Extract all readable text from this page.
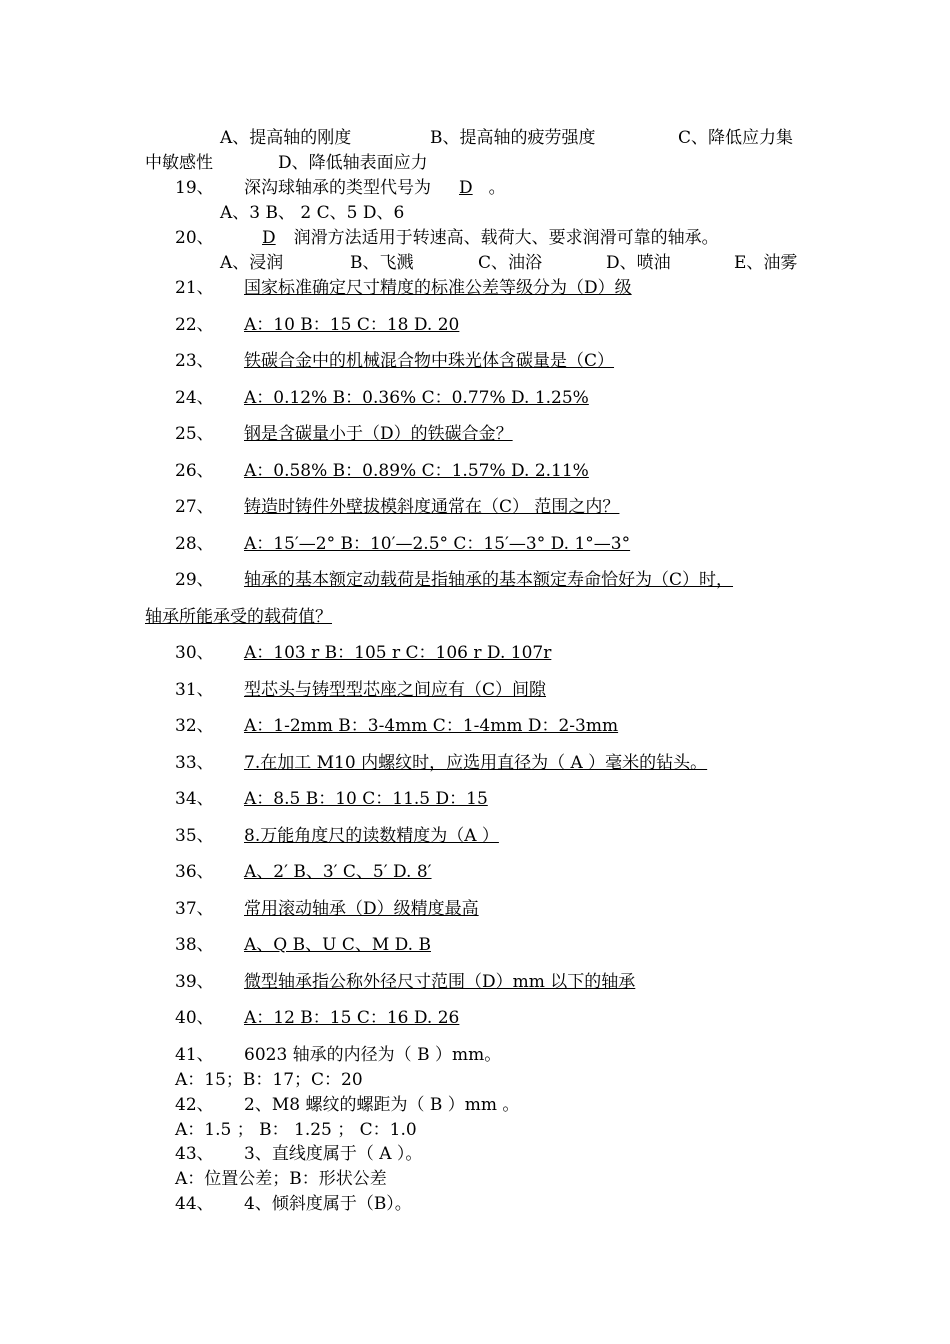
A、提高轴的刚度	B、提高轴的疲劳强度	C、降低应力集
中敏感性	D、降低轴表面应力
19、 深沟球轴承的类型代号为 D 。
A、3 B、 2 C、5 D、6
20、	D 润滑方法适用于转速高、载荷大、要求润滑可靠的轴承。
A、浸润	B、飞溅	C、油浴	D、喷油	E、油雾
21、 国家标准确定尺寸精度的标准公差等级分为（D）级
22、 A：10 B：15 C：18 D. 20
23、 铁碳合金中的机械混合物中珠光体含碳量是（C）
24、 A：0.12% B：0.36% C：0.77% D. 1.25%
25、 钢是含碳量小于（D）的铁碳合金？
26、 A：0.58% B：0.89% C：1.57% D. 2.11%
27、 铸造时铸件外壁拔模斜度通常在（C） 范围之内？
28、 A：15′—2° B：10′—2.5° C：15′—3° D. 1°—3°
29、 轴承的基本额定动载荷是指轴承的基本额定寿命恰好为（C）时，
轴承所能承受的载荷值？
30、 A：103 r B：105 r C：106 r D. 107r
31、 型芯头与铸型型芯座之间应有（C）间隙
32、 A：1-2mm B：3-4mm C：1-4mm D：2-3mm
33、 7.在加工 M10 内螺纹时，应选用直径为（ A ）毫米的钻头。
34、 A：8.5 B：10 C：11.5 D：15
35、 8.万能角度尺的读数精度为（A ）
36、 A、2′ B、3′ C、5′ D. 8′
37、 常用滚动轴承（D）级精度最高
38、 A、Q B、U C、M D. B
39、 微型轴承指公称外径尺寸范围（D）mm 以下的轴承
40、 A：12 B：15 C：16 D. 26
41、 6023 轴承的内径为（ B ）mm。
A：15；B：17；C：20
42、 2、M8 螺纹的螺距为（ B ）mm 。
A：1.5 ； B： 1.25 ； C：1.0
43、 3、直线度属于（ A ）。
A：位置公差；B：形状公差
44、 4、倾斜度属于（B）。
